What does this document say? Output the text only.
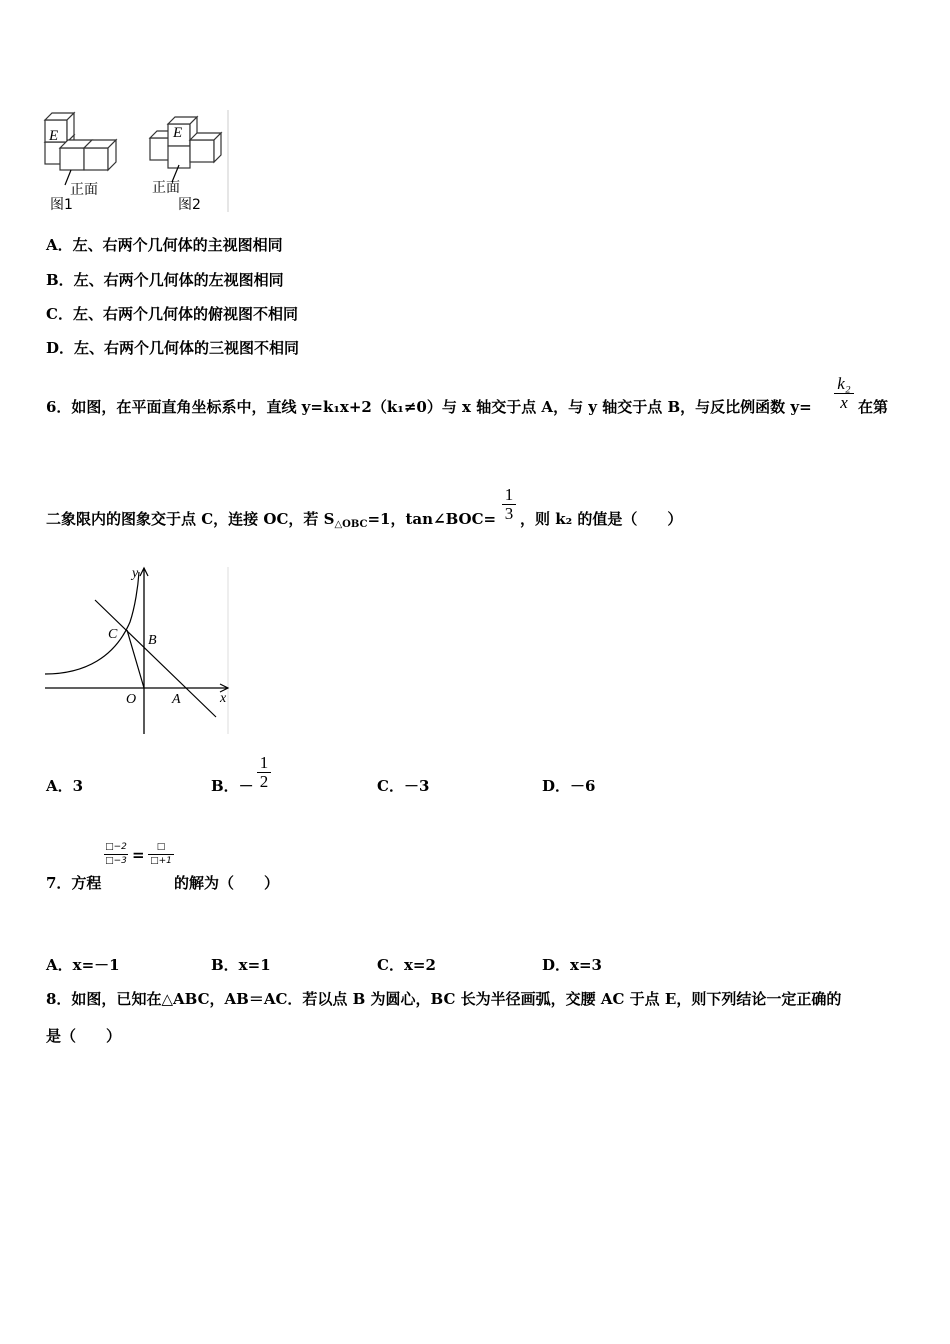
E	E
正面	正面
图1	图2
A．左、右两个几何体的主视图相同
B．左、右两个几何体的左视图相同
C．左、右两个几何体的俯视图不相同
D．左、右两个几何体的三视图不相同
6．如图，在平面直角坐标系中，直线 y=k₁x+2（k₁≠0）与 x 轴交于点 A，与 y 轴交于点 B，与反比例函数 y=
k₂
x 在第
二象限内的图象交于点 C，连接 OC，若 $S_{\triangle OBC}=1$，tan∠BOC=
1
3 ，则 k₂ 的值是（　　）
y
x
O	A
B
C
A．3	B．－
1
2	C．－3	D．－6
7．方程
□−2
□−3 =	□
□+1
的解为（　　）
A．x=－1	B．x=1	C．x=2	D．x=3
8．如图，已知在△ABC，AB＝AC．若以点 B 为圆心，BC 长为半径画弧，交腰 AC 于点 E，则下列结论一定正确的
是（　　）
